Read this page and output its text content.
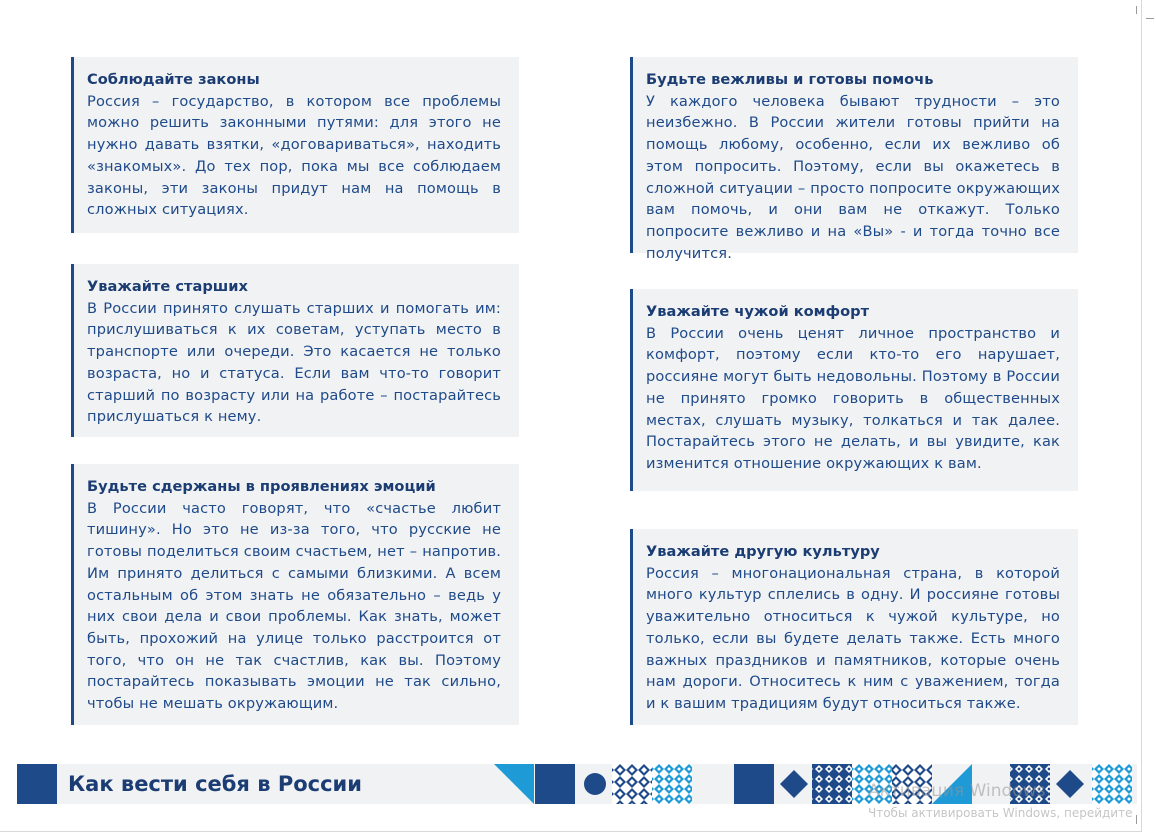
Соблюдайте законы

Россия – государство, в котором все проблемы можно решить законными путями: для этого не нужно давать взятки, «договариваться», находить «знакомых». До тех пор, пока мы все соблюдаем законы, эти законы придут нам на помощь в сложных ситуациях.

Уважайте старших

В России принято слушать старших и помогать им: прислушиваться к их советам, уступать место в транспорте или очереди. Это касается не только возраста, но и статуса. Если вам что-то говорит старший по возрасту или на работе – постарайтесь прислушаться к нему.

Будьте сдержаны в проявлениях эмоций

В России часто говорят, что «счастье любит тишину». Но это не из-за того, что русские не готовы поделиться своим счастьем, нет – напротив. Им принято делиться с самыми близкими. А всем остальным об этом знать не обязательно – ведь у них свои дела и свои проблемы. Как знать, может быть, прохожий на улице только расстроится от того, что он не так счастлив, как вы. Поэтому постарайтесь показывать эмоции не так сильно, чтобы не мешать окружающим.

Будьте вежливы и готовы помочь

У каждого человека бывают трудности – это неизбежно. В России жители готовы прийти на помощь любому, особенно, если их вежливо об этом попросить. Поэтому, если вы окажетесь в сложной ситуации – просто попросите окружающих вам помочь, и они вам не откажут. Только попросите вежливо и на «Вы» - и тогда точно все получится.

Уважайте чужой комфорт

В России очень ценят личное пространство и комфорт, поэтому если кто-то его нарушает, россияне могут быть недовольны. Поэтому в России не принято громко говорить в общественных местах, слушать музыку, толкаться и так далее. Постарайтесь этого не делать, и вы увидите, как изменится отношение окружающих к вам.

Уважайте другую культуру

Россия – многонациональная страна, в которой много культур сплелись в одну. И россияне готовы уважительно относиться к чужой культуре, но только, если вы будете делать также. Есть много важных праздников и памятников, которые очень нам дороги. Относитесь к ним с уважением, тогда и к вашим традициям будут относиться также.

Как вести себя в России	Активация Windows
Чтобы активировать Windows, перейдите
